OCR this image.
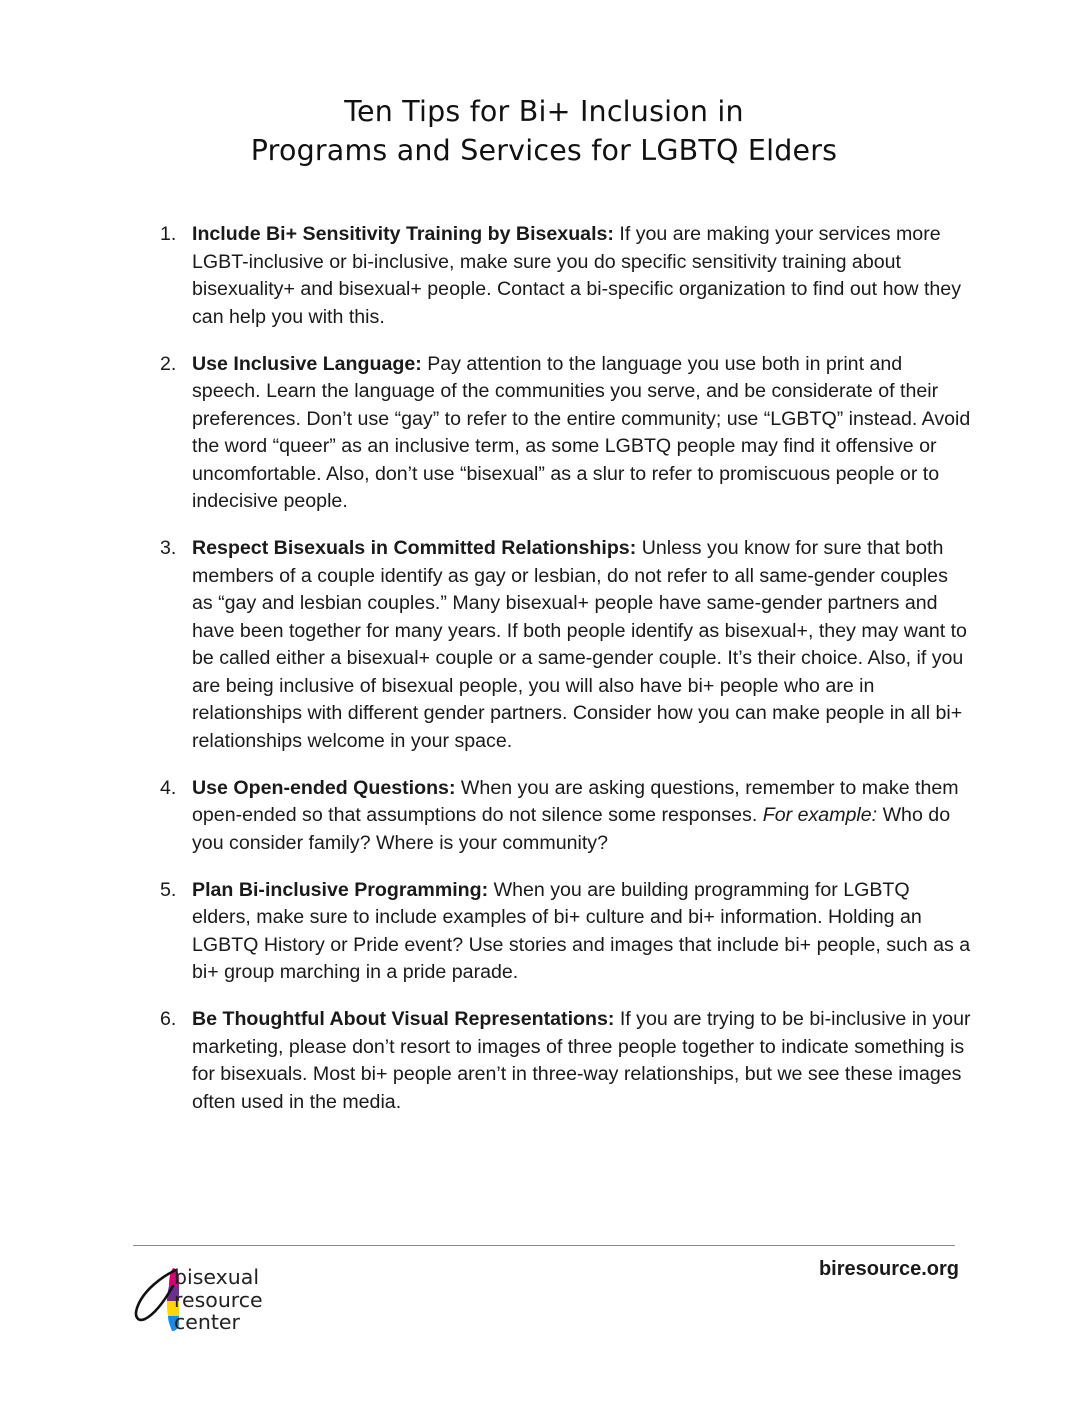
Ten Tips for Bi+ Inclusion in
Programs and Services for LGBTQ Elders
1. Include Bi+ Sensitivity Training by Bisexuals: If you are making your services more LGBT-inclusive or bi-inclusive, make sure you do specific sensitivity training about bisexuality+ and bisexual+ people. Contact a bi-specific organization to find out how they can help you with this.
2. Use Inclusive Language: Pay attention to the language you use both in print and speech. Learn the language of the communities you serve, and be considerate of their preferences. Don’t use “gay” to refer to the entire community; use “LGBTQ” instead. Avoid the word “queer” as an inclusive term, as some LGBTQ people may find it offensive or uncomfortable. Also, don’t use “bisexual” as a slur to refer to promiscuous people or to indecisive people.
3. Respect Bisexuals in Committed Relationships: Unless you know for sure that both members of a couple identify as gay or lesbian, do not refer to all same-gender couples as “gay and lesbian couples.” Many bisexual+ people have same-gender partners and have been together for many years. If both people identify as bisexual+, they may want to be called either a bisexual+ couple or a same-gender couple. It’s their choice. Also, if you are being inclusive of bisexual people, you will also have bi+ people who are in relationships with different gender partners. Consider how you can make people in all bi+ relationships welcome in your space.
4. Use Open-ended Questions: When you are asking questions, remember to make them open-ended so that assumptions do not silence some responses. For example: Who do you consider family? Where is your community?
5. Plan Bi-inclusive Programming: When you are building programming for LGBTQ elders, make sure to include examples of bi+ culture and bi+ information. Holding an LGBTQ History or Pride event? Use stories and images that include bi+ people, such as a bi+ group marching in a pride parade.
6. Be Thoughtful About Visual Representations: If you are trying to be bi-inclusive in your marketing, please don’t resort to images of three people together to indicate something is for bisexuals. Most bi+ people aren’t in three-way relationships, but we see these images often used in the media.
bisexual
resource
center
biresource.org
